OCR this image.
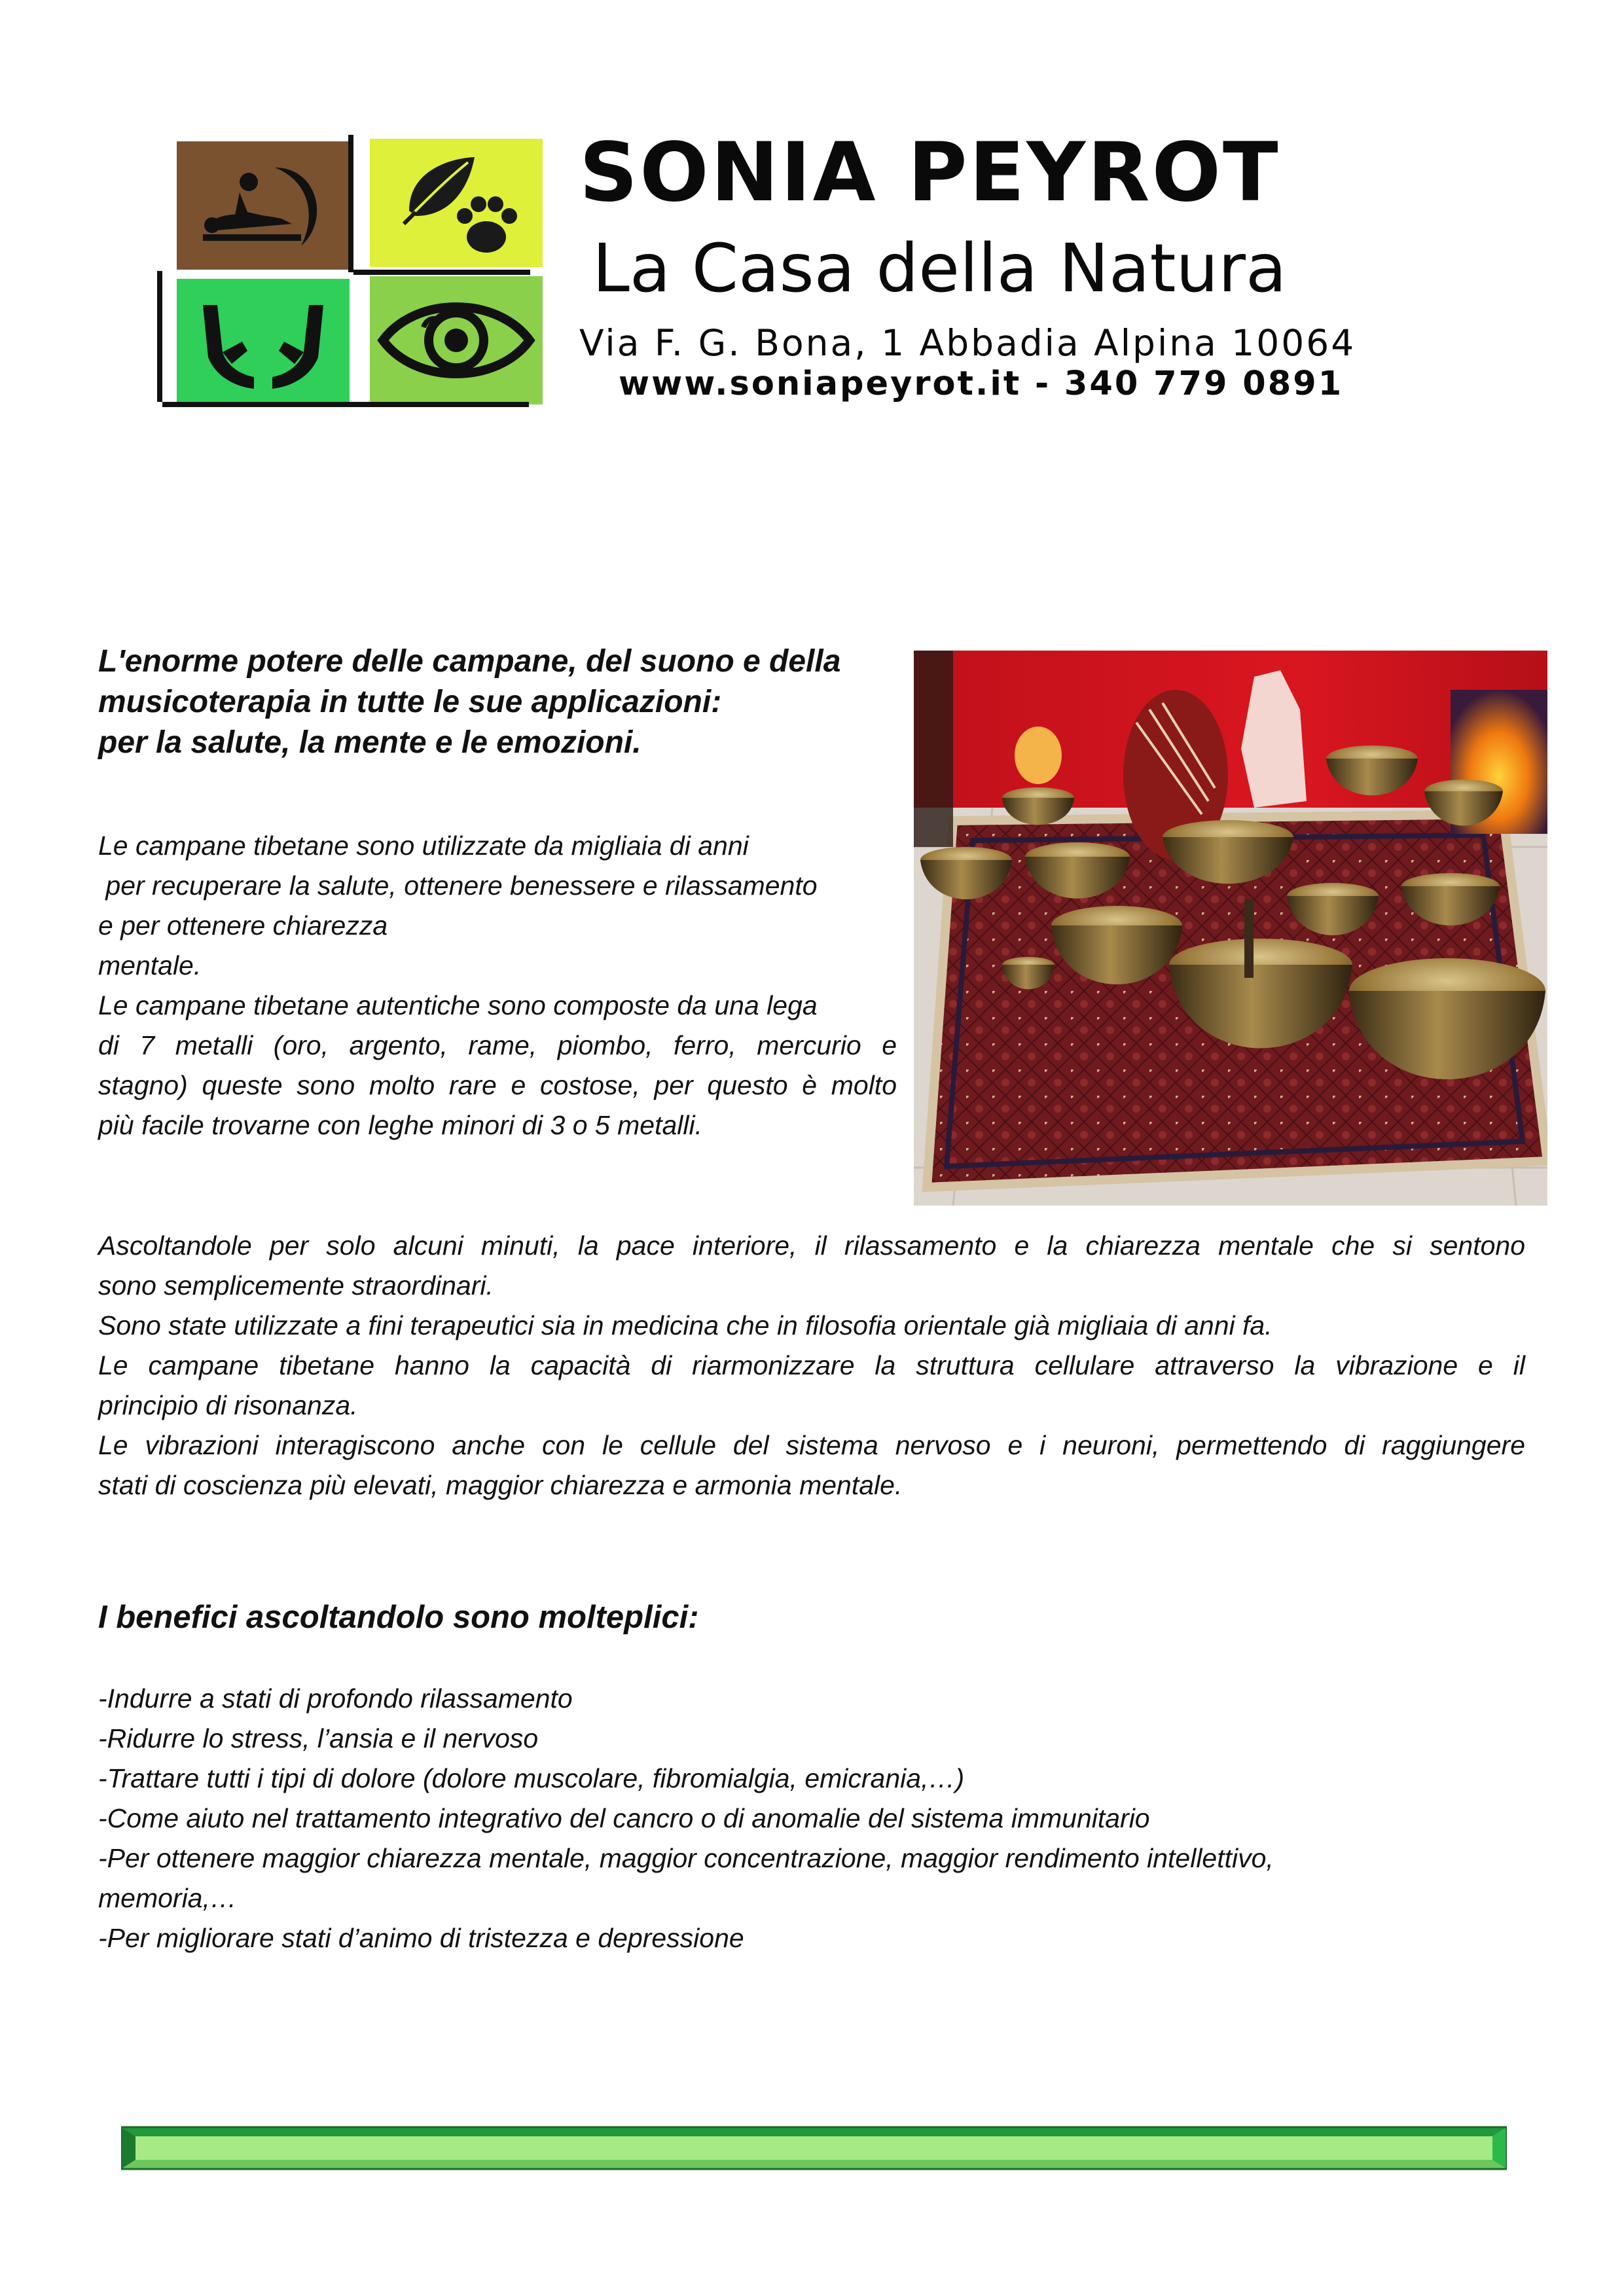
SONIA PEYROT
La Casa della Natura
Via F. G. Bona, 1 Abbadia Alpina 10064
www.soniapeyrot.it - 340 779 0891
L'enorme potere delle campane, del suono e della
musicoterapia in tutte le sue applicazioni:
per la salute, la mente e le emozioni.

Le campane tibetane sono utilizzate da migliaia di anni

per recuperare la salute, ottenere benessere e rilassamento

e per ottenere chiarezza

mentale.

Le campane tibetane autentiche sono composte da una lega

di 7 metalli (oro, argento, rame, piombo, ferro, mercurio e

stagno) queste sono molto rare e costose, per questo è molto

più facile trovarne con leghe minori di 3 o 5 metalli.

Ascoltandole per solo alcuni minuti, la pace interiore, il rilassamento e la chiarezza mentale che si sentono

sono semplicemente straordinari.

Sono state utilizzate a fini terapeutici sia in medicina che in filosofia orientale già migliaia di anni fa.

Le campane tibetane hanno la capacità di riarmonizzare la struttura cellulare attraverso la vibrazione e il

principio di risonanza.

Le vibrazioni interagiscono anche con le cellule del sistema nervoso e i neuroni, permettendo di raggiungere

stati di coscienza più elevati, maggior chiarezza e armonia mentale.

I benefici ascoltandolo sono molteplici:
-Indurre a stati di profondo rilassamento
-Ridurre lo stress, l’ansia e il nervoso
-Trattare tutti i tipi di dolore (dolore muscolare, fibromialgia, emicrania,…)
-Come aiuto nel trattamento integrativo del cancro o di anomalie del sistema immunitario
-Per ottenere maggior chiarezza mentale, maggior concentrazione, maggior rendimento intellettivo,
memoria,…
-Per migliorare stati d’animo di tristezza e depressione
